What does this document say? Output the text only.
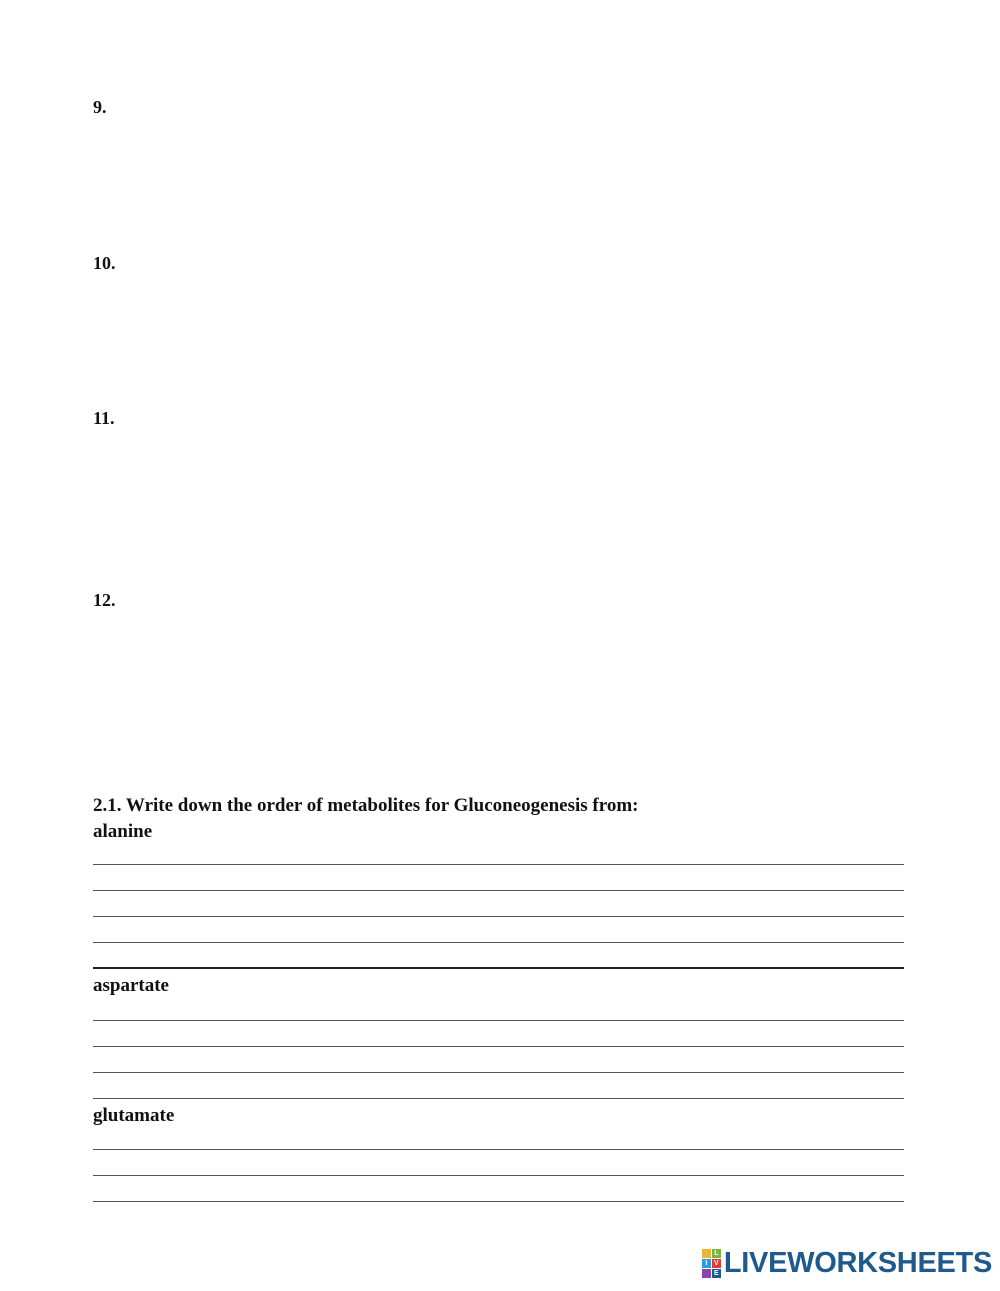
9.
10.
11.
12.
2.1. Write down the order of metabolites for Gluconeogenesis from:
alanine
aspartate
glutamate
L
I V
E LIVEWORKSHEETS
